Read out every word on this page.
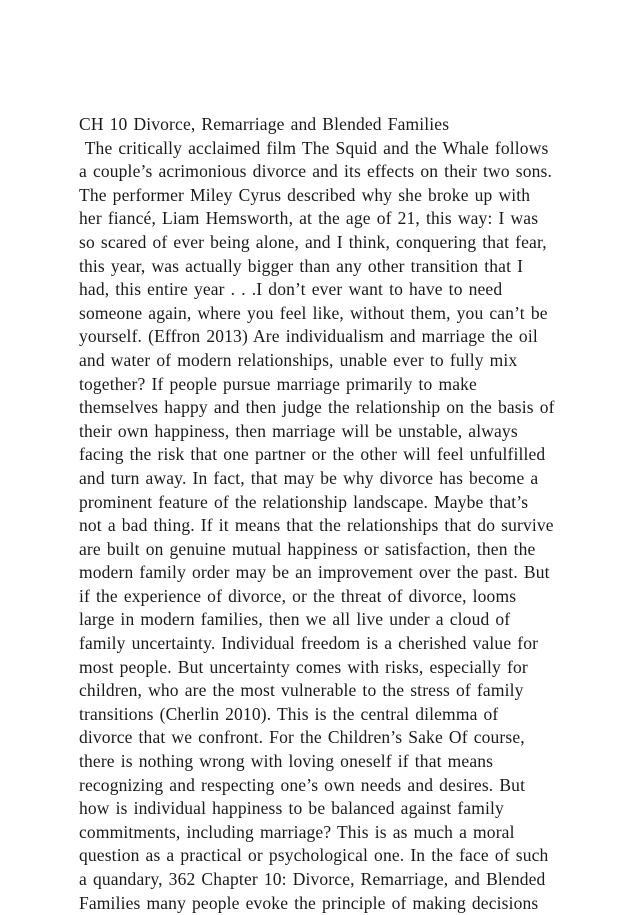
CH 10 Divorce, Remarriage and Blended Families
The critically acclaimed film The Squid and the Whale follows
a couple’s acrimonious divorce and its effects on their two sons.
The performer Miley Cyrus described why she broke up with
her fiancé, Liam Hemsworth, at the age of 21, this way: I was
so scared of ever being alone, and I think, conquering that fear,
this year, was actually bigger than any other transition that I
had, this entire year . . .I don’t ever want to have to need
someone again, where you feel like, without them, you can’t be
yourself. (Effron 2013) Are individualism and marriage the oil
and water of modern relationships, unable ever to fully mix
together? If people pursue marriage primarily to make
themselves happy and then judge the relationship on the basis of
their own happiness, then marriage will be unstable, always
facing the risk that one partner or the other will feel unfulfilled
and turn away. In fact, that may be why divorce has become a
prominent feature of the relationship landscape. Maybe that’s
not a bad thing. If it means that the relationships that do survive
are built on genuine mutual happiness or satisfaction, then the
modern family order may be an improvement over the past. But
if the experience of divorce, or the threat of divorce, looms
large in modern families, then we all live under a cloud of
family uncertainty. Individual freedom is a cherished value for
most people. But uncertainty comes with risks, especially for
children, who are the most vulnerable to the stress of family
transitions (Cherlin 2010). This is the central dilemma of
divorce that we confront. For the Children’s Sake Of course,
there is nothing wrong with loving oneself if that means
recognizing and respecting one’s own needs and desires. But
how is individual happiness to be balanced against family
commitments, including marriage? This is as much a moral
question as a practical or psychological one. In the face of such
a quandary, 362 Chapter 10: Divorce, Remarriage, and Blended
Families many people evoke the principle of making decisions
